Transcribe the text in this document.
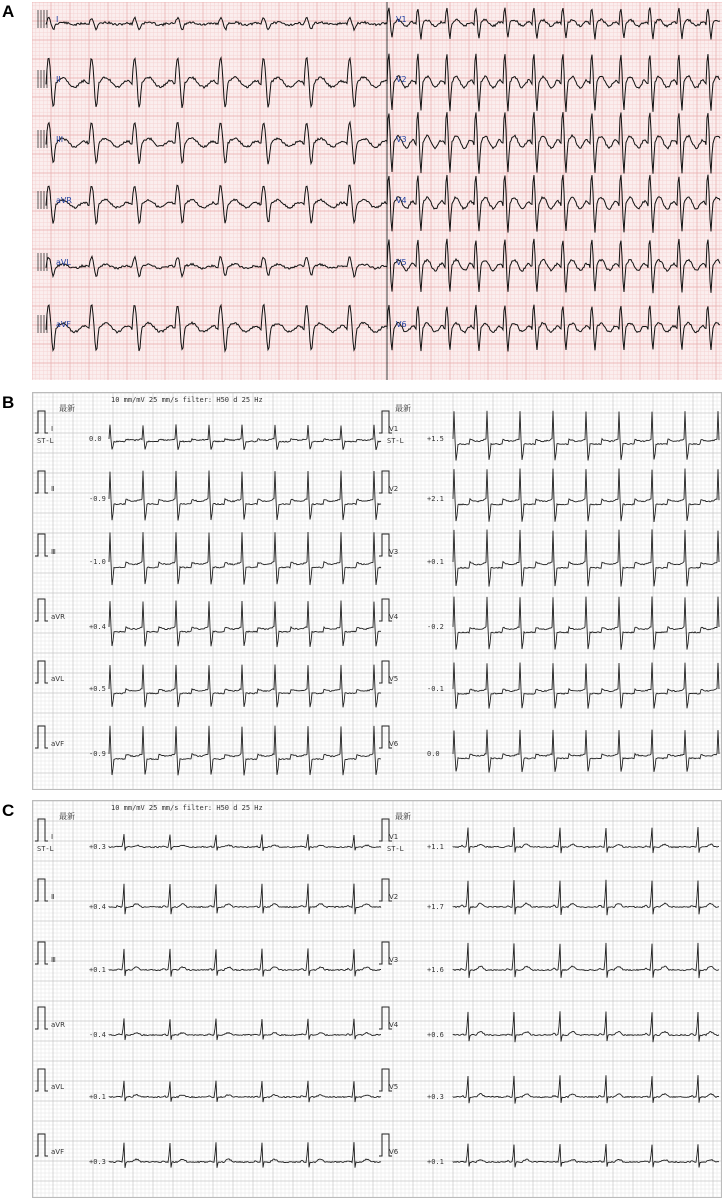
A
B
C
I
II
III
aVR
aVL
aVF
V1
V2
V3
V4
V5
V6
10 mm/mV 25 mm/s filter: H50 d 25 Hz
最新	最新
ST-L	ST-L
I
0.0
Ⅱ
-0.9
Ⅲ
-1.0
aVR
+0.4
aVL
+0.5
aVF
-0.9
V1
+1.5
V2
+2.1
V3
+0.1
V4
-0.2
V5
-0.1
V6
0.0
10 mm/mV 25 mm/s filter: H50 d 25 Hz
最新	最新
ST-L	ST-L
I
+0.3
Ⅱ
+0.4
Ⅲ
+0.1
aVR
-0.4
aVL
+0.1
aVF
+0.3
V1
+1.1
V2
+1.7
V3
+1.6
V4
+0.6
V5
+0.3
V6
+0.1
